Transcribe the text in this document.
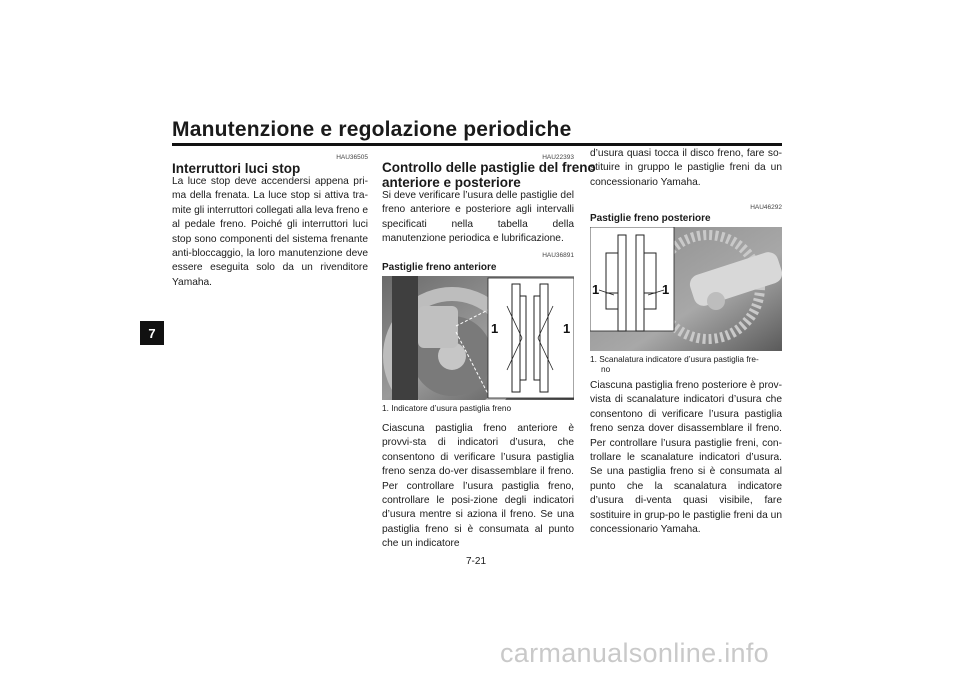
Manutenzione e regolazione periodiche
7
HAU36505
Interruttori luci stop

La luce stop deve accendersi appena pri-ma della frenata. La luce stop si attiva tra-mite gli interruttori collegati alla leva freno e al pedale freno. Poiché gli interruttori luci stop sono componenti del sistema frenante anti-bloccaggio, la loro manutenzione deve essere eseguita solo da un rivenditore Yamaha.

HAU22393
Controllo delle pastiglie del freno
anteriore e posteriore

Si deve verificare l’usura delle pastiglie del freno anteriore e posteriore agli intervalli specificati nella tabella della manutenzione periodica e lubrificazione.

HAU36891
Pastiglie freno anteriore
1	1
1. Indicatore d’usura pastiglia freno

Ciascuna pastiglia freno anteriore è provvi-sta di indicatori d’usura, che consentono di verificare l’usura pastiglia freno senza do-ver disassemblare il freno. Per controllare l’usura pastiglia freno, controllare le posi-zione degli indicatori d’usura mentre si aziona il freno. Se una pastiglia freno si è consumata al punto che un indicatore

d’usura quasi tocca il disco freno, fare so-stituire in gruppo le pastiglie freni da un concessionario Yamaha.

HAU46292
Pastiglie freno posteriore
1	1
1. Scanalatura indicatore d’usura pastiglia fre-
no

Ciascuna pastiglia freno posteriore è prov-vista di scanalature indicatori d’usura che consentono di verificare l’usura pastiglia freno senza dover disassemblare il freno. Per controllare l’usura pastiglie freni, con-trollare le scanalature indicatori d’usura. Se una pastiglia freno si è consumata al punto che la scanalatura indicatore d’usura di-venta quasi visibile, fare sostituire in grup-po le pastiglie freni da un concessionario Yamaha.

7-21
carmanualsonline.info
